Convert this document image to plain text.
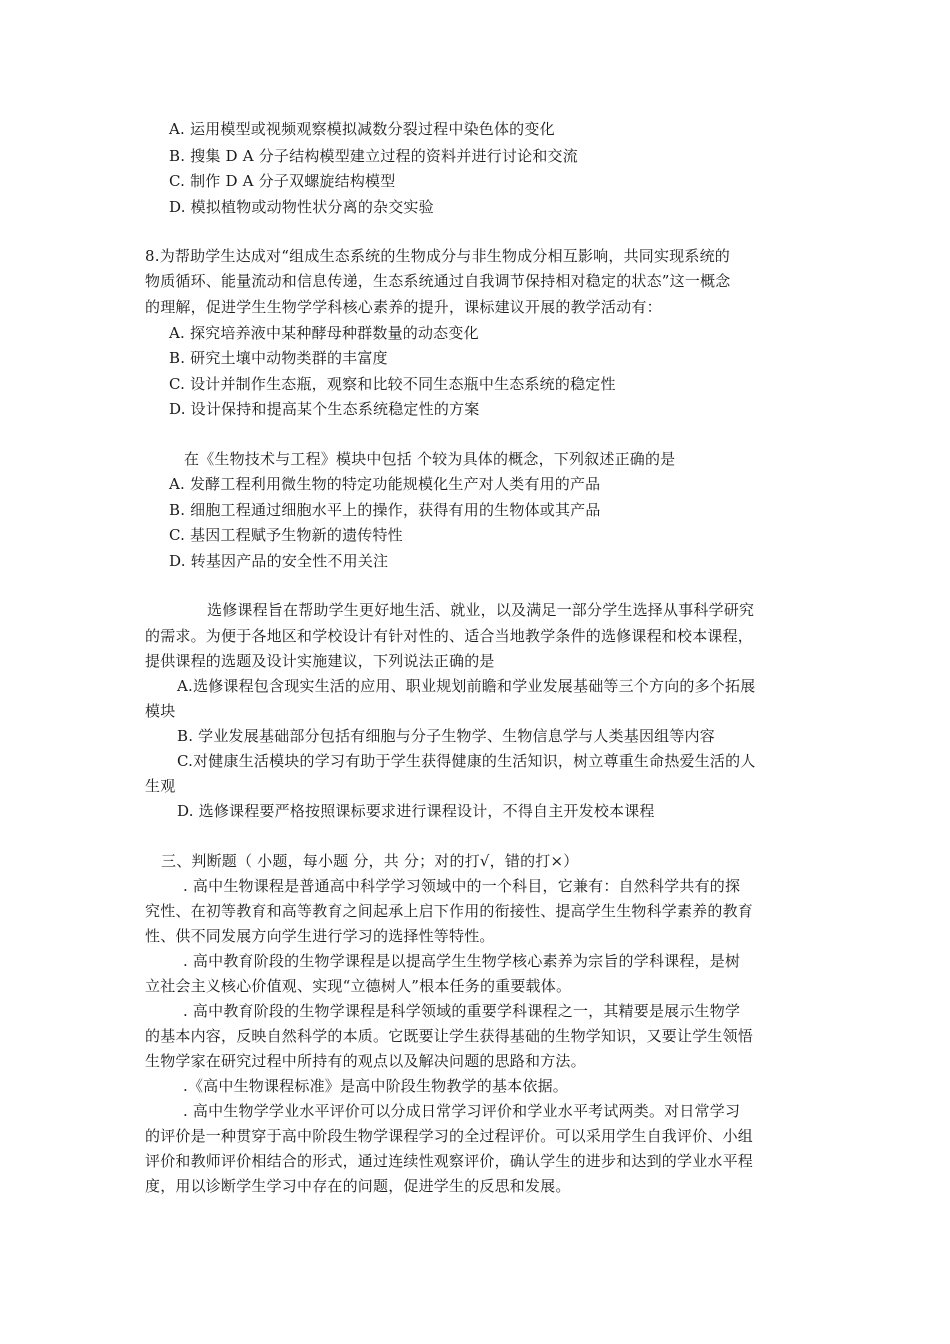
A. 运用模型或视频观察模拟减数分裂过程中染色体的变化
B. 搜集 D A 分子结构模型建立过程的资料并进行讨论和交流
C. 制作 D A 分子双螺旋结构模型
D. 模拟植物或动物性状分离的杂交实验
8.为帮助学生达成对“组成生态系统的生物成分与非生物成分相互影响，共同实现系统的
物质循环、能量流动和信息传递，生态系统通过自我调节保持相对稳定的状态”这一概念
的理解，促进学生生物学学科核心素养的提升，课标建议开展的教学活动有：
A. 探究培养液中某种酵母种群数量的动态变化
B. 研究土壤中动物类群的丰富度
C. 设计并制作生态瓶，观察和比较不同生态瓶中生态系统的稳定性
D. 设计保持和提高某个生态系统稳定性的方案
在《生物技术与工程》模块中包括 个较为具体的概念，下列叙述正确的是
A. 发酵工程利用微生物的特定功能规模化生产对人类有用的产品
B. 细胞工程通过细胞水平上的操作，获得有用的生物体或其产品
C. 基因工程赋予生物新的遗传特性
D. 转基因产品的安全性不用关注
选修课程旨在帮助学生更好地生活、就业，以及满足一部分学生选择从事科学研究
的需求。为便于各地区和学校设计有针对性的、适合当地教学条件的选修课程和校本课程，
提供课程的选题及设计实施建议，下列说法正确的是
A.选修课程包含现实生活的应用、职业规划前瞻和学业发展基础等三个方向的多个拓展
模块
B. 学业发展基础部分包括有细胞与分子生物学、生物信息学与人类基因组等内容
C.对健康生活模块的学习有助于学生获得健康的生活知识，树立尊重生命热爱生活的人
生观
D. 选修课程要严格按照课标要求进行课程设计，不得自主开发校本课程
三、判断题（ 小题，每小题 分，共 分；对的打√，错的打×）
. 高中生物课程是普通高中科学学习领域中的一个科目，它兼有：自然科学共有的探
究性、在初等教育和高等教育之间起承上启下作用的衔接性、提高学生生物科学素养的教育
性、供不同发展方向学生进行学习的选择性等特性。
. 高中教育阶段的生物学课程是以提高学生生物学核心素养为宗旨的学科课程，是树
立社会主义核心价值观、实现“立德树人”根本任务的重要载体。
. 高中教育阶段的生物学课程是科学领域的重要学科课程之一，其精要是展示生物学
的基本内容，反映自然科学的本质。它既要让学生获得基础的生物学知识，又要让学生领悟
生物学家在研究过程中所持有的观点以及解决问题的思路和方法。
.《高中生物课程标准》是高中阶段生物教学的基本依据。
. 高中生物学学业水平评价可以分成日常学习评价和学业水平考试两类。对日常学习
的评价是一种贯穿于高中阶段生物学课程学习的全过程评价。可以采用学生自我评价、小组
评价和教师评价相结合的形式，通过连续性观察评价，确认学生的进步和达到的学业水平程
度，用以诊断学生学习中存在的问题，促进学生的反思和发展。
